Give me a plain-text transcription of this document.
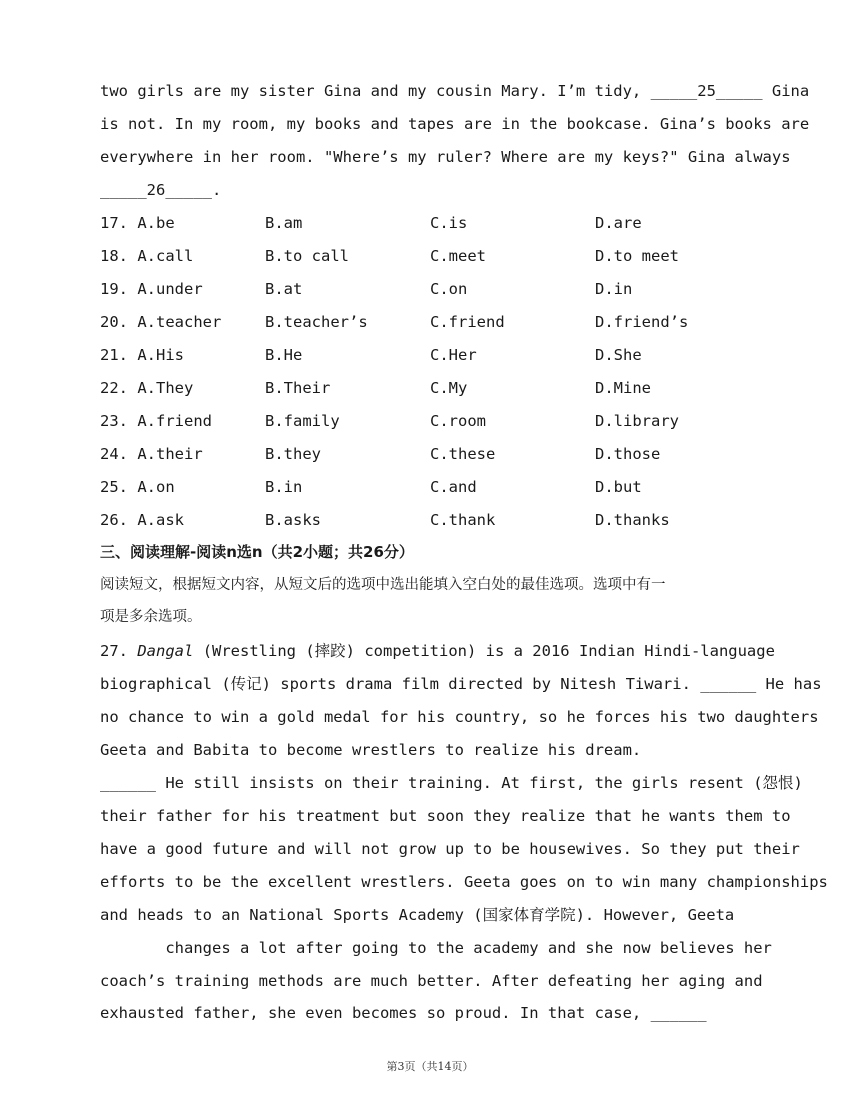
two girls are my sister Gina and my cousin Mary. I’m tidy, _____25_____ Gina
is not. In my room, my books and tapes are in the bookcase. Gina’s books are
everywhere in her room. "Where’s my ruler? Where are my keys?" Gina always
_____26_____.
17. A.be	B.am	C.is	D.are
18. A.call	B.to call	C.meet	D.to meet
19. A.under	B.at	C.on	D.in
20. A.teacher	B.teacher’s	C.friend	D.friend’s
21. A.His	B.He	C.Her	D.She
22. A.They	B.Their	C.My	D.Mine
23. A.friend	B.family	C.room	D.library
24. A.their	B.they	C.these	D.those
25. A.on	B.in	C.and	D.but
26. A.ask	B.asks	C.thank	D.thanks
三、阅读理解-阅读n选n（共2小题；共26分）
阅读短文，根据短文内容，从短文后的选项中选出能填入空白处的最佳选项。选项中有一
项是多余选项。
27. Dangal (Wrestling (摔跤) competition) is a 2016 Indian Hindi-language
biographical (传记) sports drama film directed by Nitesh Tiwari. ______ He has
no chance to win a gold medal for his country, so he forces his two daughters
Geeta and Babita to become wrestlers to realize his dream.
______ He still insists on their training. At first, the girls resent (怨恨)
their father for his treatment but soon they realize that he wants them to
have a good future and will not grow up to be housewives. So they put their
efforts to be the excellent wrestlers. Geeta goes on to win many championships
and heads to an National Sports Academy (国家体育学院). However, Geeta
changes a lot after going to the academy and she now believes her
coach’s training methods are much better. After defeating her aging and
exhausted father, she even becomes so proud. In that case, ______
第3页（共14页）
